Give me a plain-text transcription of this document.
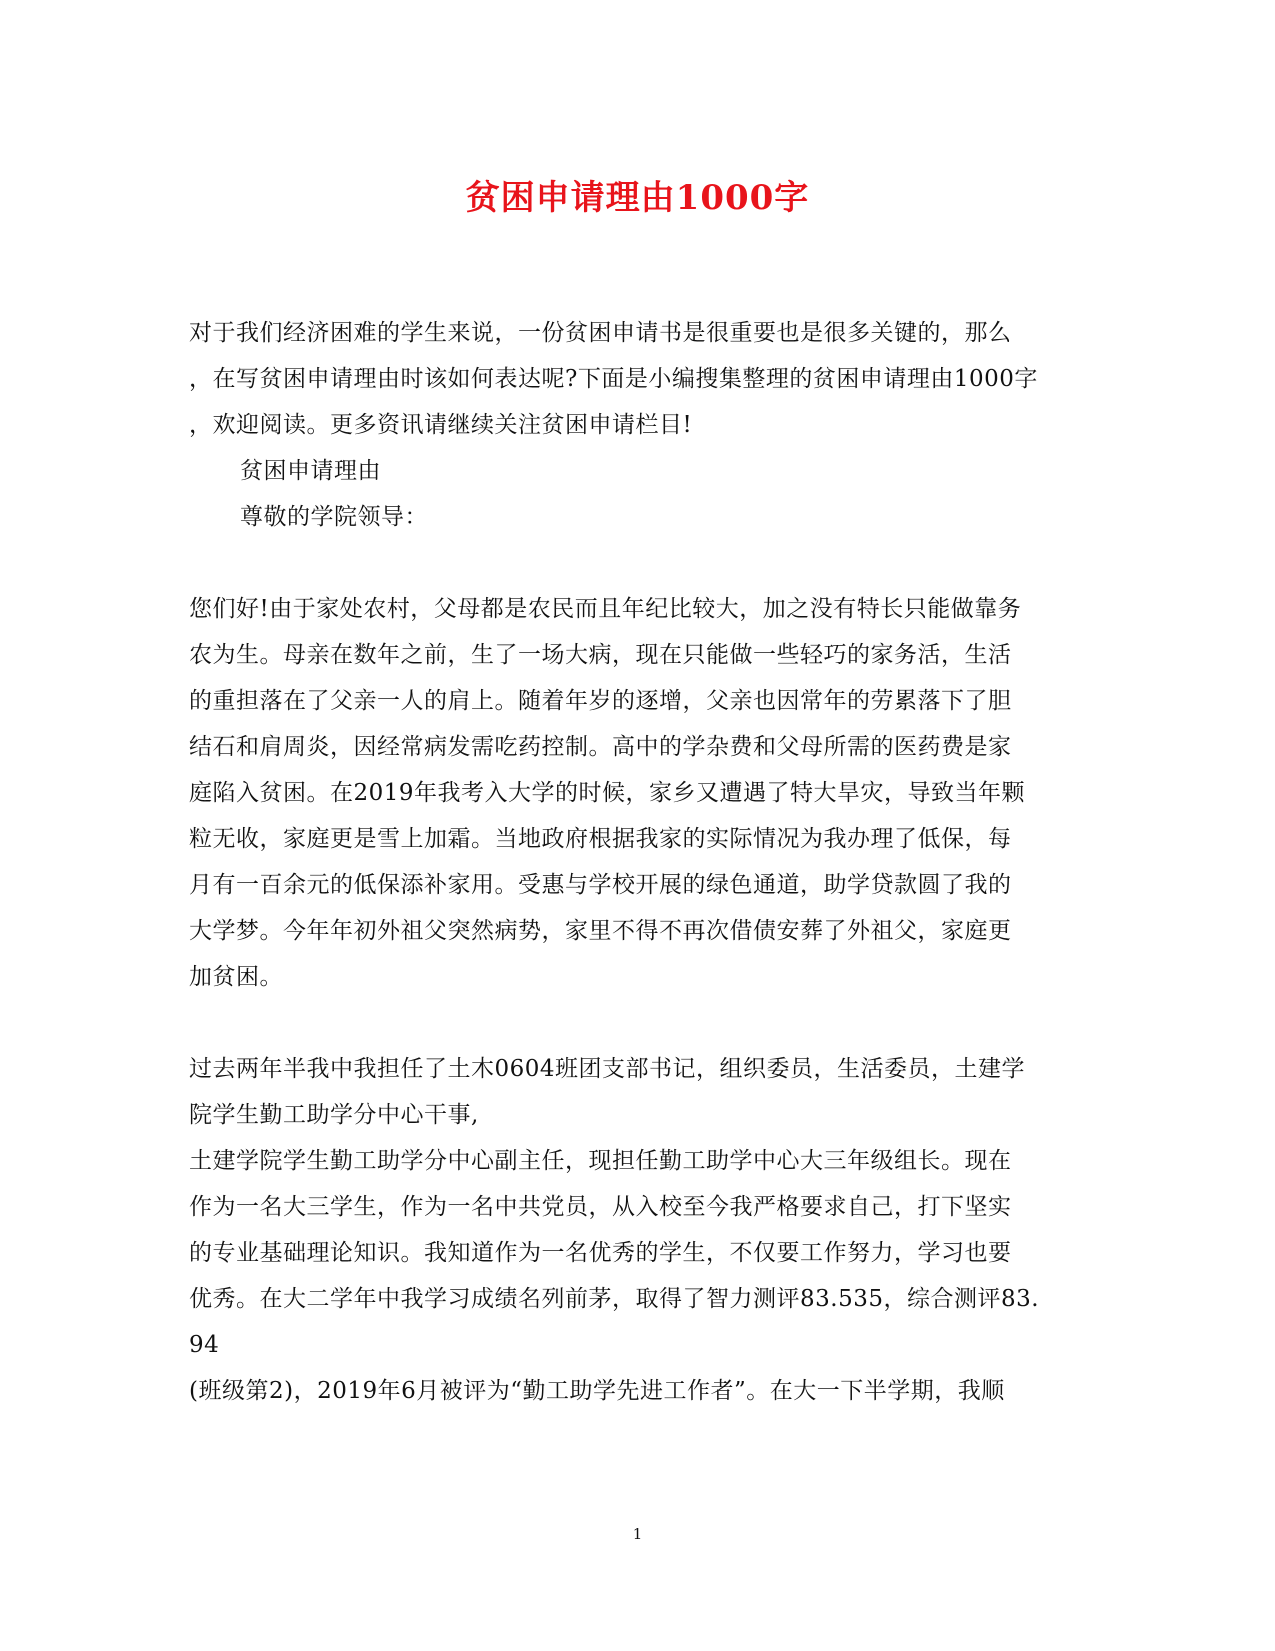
贫困申请理由1000字
对于我们经济困难的学生来说，一份贫困申请书是很重要也是很多关键的，那么
，在写贫困申请理由时该如何表达呢?下面是小编搜集整理的贫困申请理由1000字
，欢迎阅读。更多资讯请继续关注贫困申请栏目!
贫困申请理由
尊敬的学院领导：
您们好!由于家处农村，父母都是农民而且年纪比较大，加之没有特长只能做靠务
农为生。母亲在数年之前，生了一场大病，现在只能做一些轻巧的家务活，生活
的重担落在了父亲一人的肩上。随着年岁的逐增，父亲也因常年的劳累落下了胆
结石和肩周炎，因经常病发需吃药控制。高中的学杂费和父母所需的医药费是家
庭陷入贫困。在2019年我考入大学的时候，家乡又遭遇了特大旱灾，导致当年颗
粒无收，家庭更是雪上加霜。当地政府根据我家的实际情况为我办理了低保，每
月有一百余元的低保添补家用。受惠与学校开展的绿色通道，助学贷款圆了我的
大学梦。今年年初外祖父突然病势，家里不得不再次借债安葬了外祖父，家庭更
加贫困。
过去两年半我中我担任了土木0604班团支部书记，组织委员，生活委员，土建学
院学生勤工助学分中心干事,
土建学院学生勤工助学分中心副主任，现担任勤工助学中心大三年级组长。现在
作为一名大三学生，作为一名中共党员，从入校至今我严格要求自己，打下坚实
的专业基础理论知识。我知道作为一名优秀的学生，不仅要工作努力，学习也要
优秀。在大二学年中我学习成绩名列前茅，取得了智力测评83.535，综合测评83.
94
(班级第2)，2019年6月被评为“勤工助学先进工作者”。在大一下半学期，我顺
1
